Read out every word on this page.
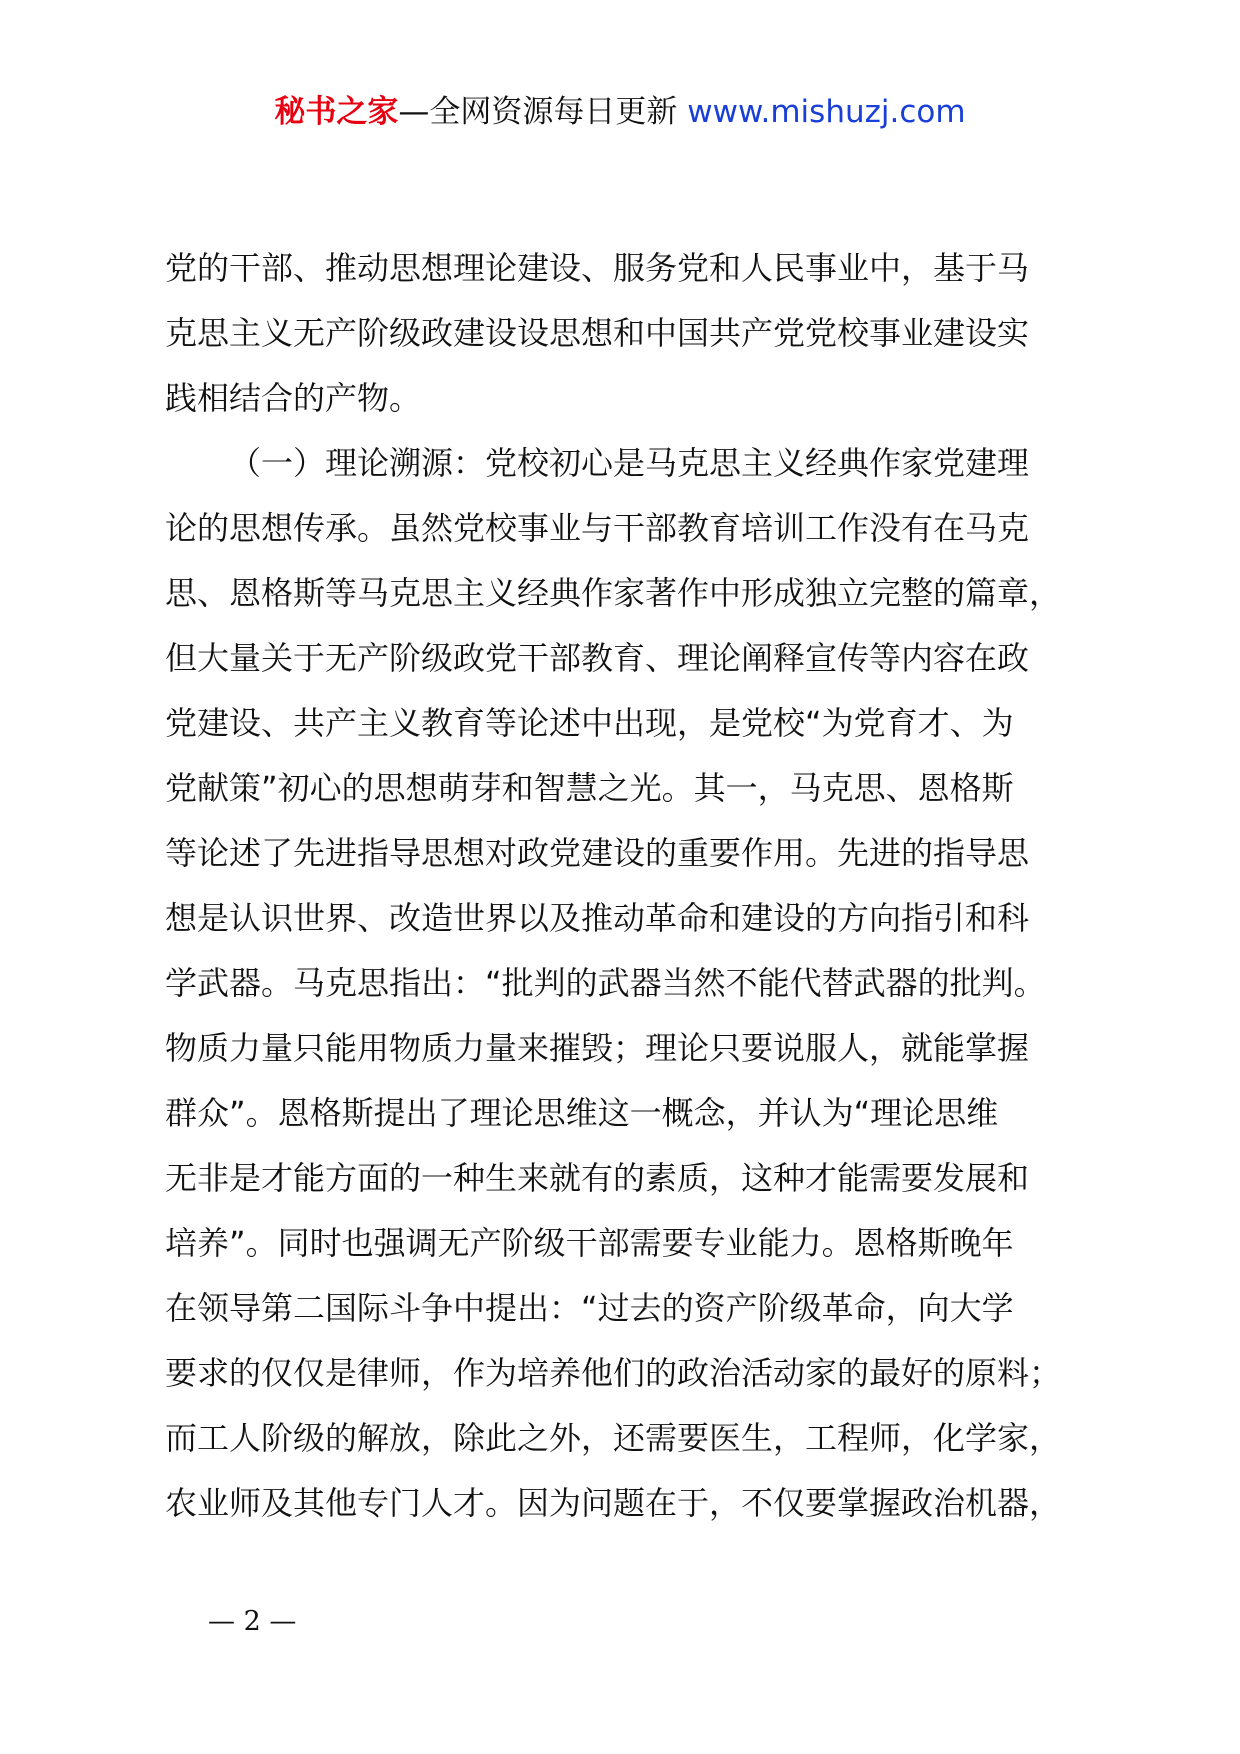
秘书之家—全网资源每日更新 www.mishuzj.com
党的干部、推动思想理论建设、服务党和人民事业中，基于马
克思主义无产阶级政建设设思想和中国共产党党校事业建设实
践相结合的产物。
（一）理论溯源：党校初心是马克思主义经典作家党建理
论的思想传承。虽然党校事业与干部教育培训工作没有在马克
思、恩格斯等马克思主义经典作家著作中形成独立完整的篇章，
但大量关于无产阶级政党干部教育、理论阐释宣传等内容在政
党建设、共产主义教育等论述中出现，是党校“为党育才、为
党献策”初心的思想萌芽和智慧之光。其一，马克思、恩格斯
等论述了先进指导思想对政党建设的重要作用。先进的指导思
想是认识世界、改造世界以及推动革命和建设的方向指引和科
学武器。马克思指出：“批判的武器当然不能代替武器的批判。
物质力量只能用物质力量来摧毁；理论只要说服人，就能掌握
群众”。恩格斯提出了理论思维这一概念，并认为“理论思维
无非是才能方面的一种生来就有的素质，这种才能需要发展和
培养”。同时也强调无产阶级干部需要专业能力。恩格斯晚年
在领导第二国际斗争中提出：“过去的资产阶级革命，向大学
要求的仅仅是律师，作为培养他们的政治活动家的最好的原料；
而工人阶级的解放，除此之外，还需要医生，工程师，化学家，
农业师及其他专门人才。因为问题在于，不仅要掌握政治机器，
— 2 —
